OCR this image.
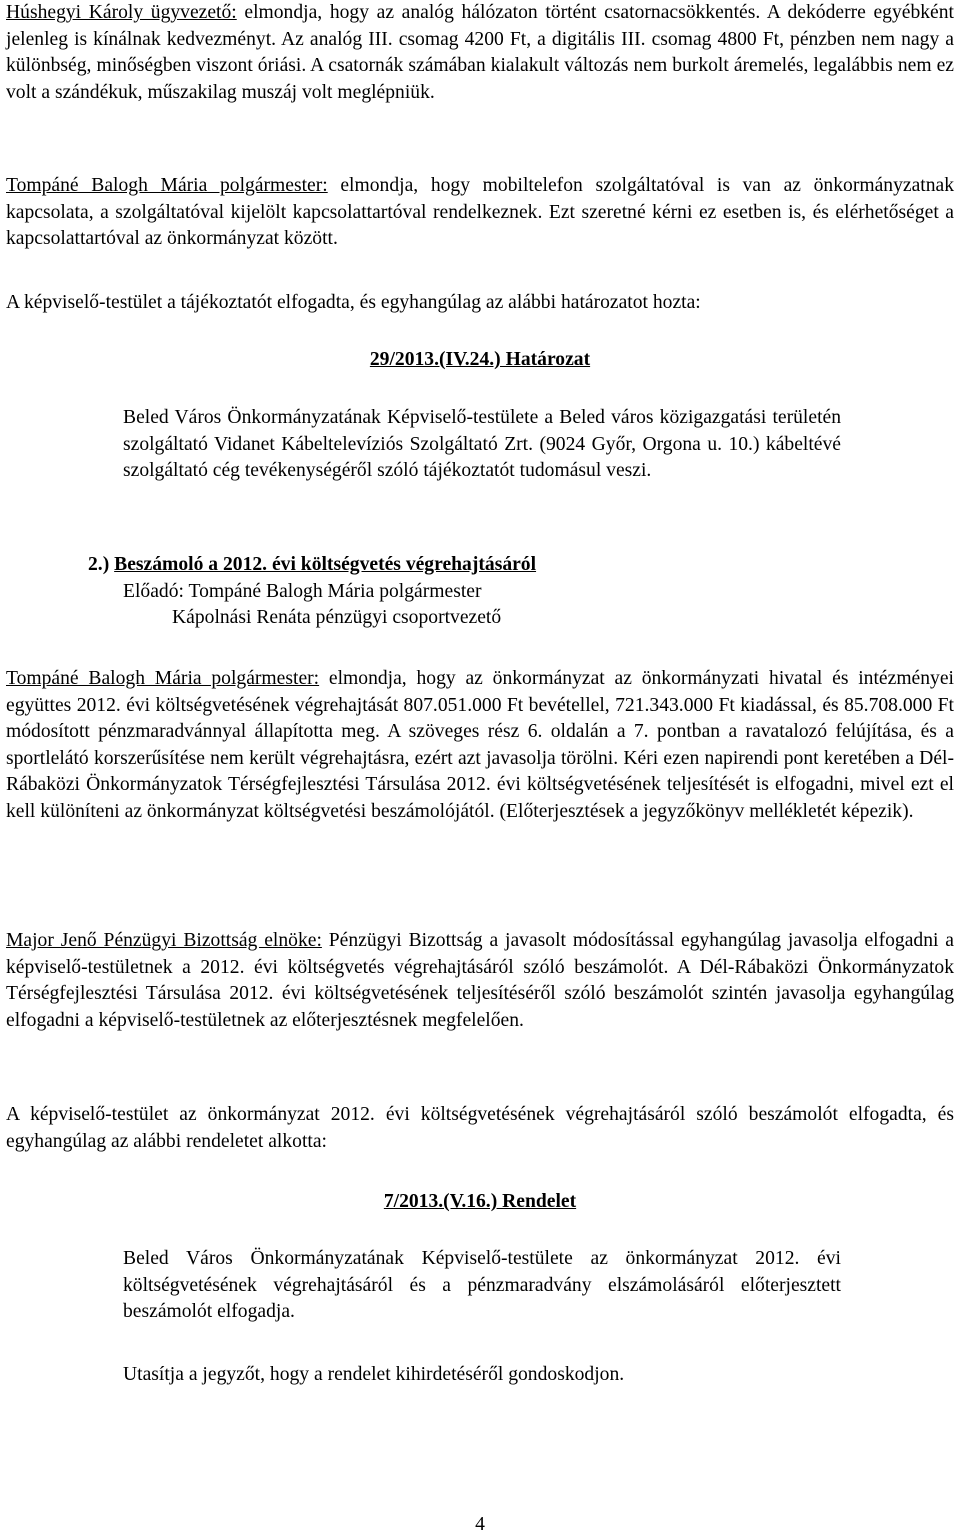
Húshegyi Károly ügyvezető: elmondja, hogy az analóg hálózaton történt csatornacsökkentés. A dekóderre egyébként jelenleg is kínálnak kedvezményt. Az analóg III. csomag 4200 Ft, a digitális III. csomag 4800 Ft, pénzben nem nagy a különbség, minőségben viszont óriási. A csatornák számában kialakult változás nem burkolt áremelés, legalábbis nem ez volt a szándékuk, műszakilag muszáj volt meglépniük.

Tompáné Balogh Mária polgármester: elmondja, hogy mobiltelefon szolgáltatóval is van az önkormányzatnak kapcsolata, a szolgáltatóval kijelölt kapcsolattartóval rendelkeznek. Ezt szeretné kérni ez esetben is, és elérhetőséget a kapcsolattartóval az önkormányzat között.

A képviselő-testület a tájékoztatót elfogadta, és egyhangúlag az alábbi határozatot hozta:

29/2013.(IV.24.) Határozat

Beled Város Önkormányzatának Képviselő-testülete a Beled város közigazgatási területén szolgáltató Vidanet Kábeltelevíziós Szolgáltató Zrt. (9024 Győr, Orgona u. 10.) kábeltévé szolgáltató cég tevékenységéről szóló tájékoztatót tudomásul veszi.

2.) Beszámoló a 2012. évi költségvetés végrehajtásáról

Előadó: Tompáné Balogh Mária polgármester

Kápolnási Renáta pénzügyi csoportvezető

Tompáné Balogh Mária polgármester: elmondja, hogy az önkormányzat az önkormányzati hivatal és intézményei együttes 2012. évi költségvetésének végrehajtását 807.051.000 Ft bevétellel, 721.343.000 Ft kiadással, és 85.708.000 Ft módosított pénzmaradvánnyal állapította meg. A szöveges rész 6. oldalán a 7. pontban a ravatalozó felújítása, és a sportlelátó korszerűsítése nem került végrehajtásra, ezért azt javasolja törölni. Kéri ezen napirendi pont keretében a Dél-Rábaközi Önkormányzatok Térségfejlesztési Társulása 2012. évi költségvetésének teljesítését is elfogadni, mivel ezt el kell különíteni az önkormányzat költségvetési beszámolójától. (Előterjesztések a jegyzőkönyv mellékletét képezik).

Major Jenő Pénzügyi Bizottság elnöke: Pénzügyi Bizottság a javasolt módosítással egyhangúlag javasolja elfogadni a képviselő-testületnek a 2012. évi költségvetés végrehajtásáról szóló beszámolót. A Dél-Rábaközi Önkormányzatok Térségfejlesztési Társulása 2012. évi költségvetésének teljesítéséről szóló beszámolót szintén javasolja egyhangúlag elfogadni a képviselő-testületnek az előterjesztésnek megfelelően.

A képviselő-testület az önkormányzat 2012. évi költségvetésének végrehajtásáról szóló beszámolót elfogadta, és egyhangúlag az alábbi rendeletet alkotta:

7/2013.(V.16.) Rendelet

Beled Város Önkormányzatának Képviselő-testülete az önkormányzat 2012. évi költségvetésének végrehajtásáról és a pénzmaradvány elszámolásáról előterjesztett beszámolót elfogadja.

Utasítja a jegyzőt, hogy a rendelet kihirdetéséről gondoskodjon.

4
